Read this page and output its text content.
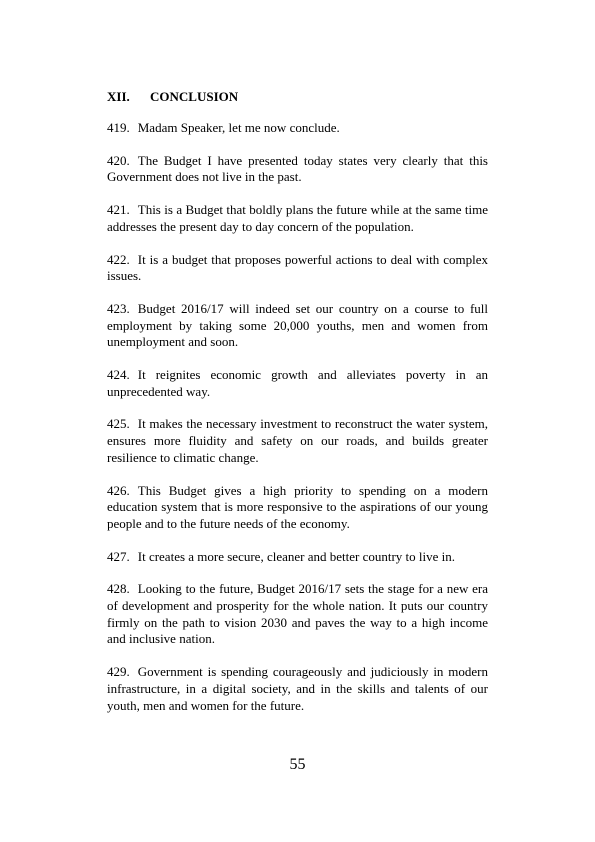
XII. CONCLUSION

419. Madam Speaker, let me now conclude.

420. The Budget I have presented today states very clearly that this Government does not live in the past.

421. This is a Budget that boldly plans the future while at the same time addresses the present day to day concern of the population.

422. It is a budget that proposes powerful actions to deal with complex issues.

423. Budget 2016/17 will indeed set our country on a course to full employment by taking some 20,000 youths, men and women from unemployment and soon.

424. It reignites economic growth and alleviates poverty in an unprecedented way.

425. It makes the necessary investment to reconstruct the water system, ensures more fluidity and safety on our roads, and builds greater resilience to climatic change.

426. This Budget gives a high priority to spending on a modern education system that is more responsive to the aspirations of our young people and to the future needs of the economy.

427. It creates a more secure, cleaner and better country to live in.

428. Looking to the future, Budget 2016/17 sets the stage for a new era of development and prosperity for the whole nation. It puts our country firmly on the path to vision 2030 and paves the way to a high income and inclusive nation.

429. Government is spending courageously and judiciously in modern infrastructure, in a digital society, and in the skills and talents of our youth, men and women for the future.

55
